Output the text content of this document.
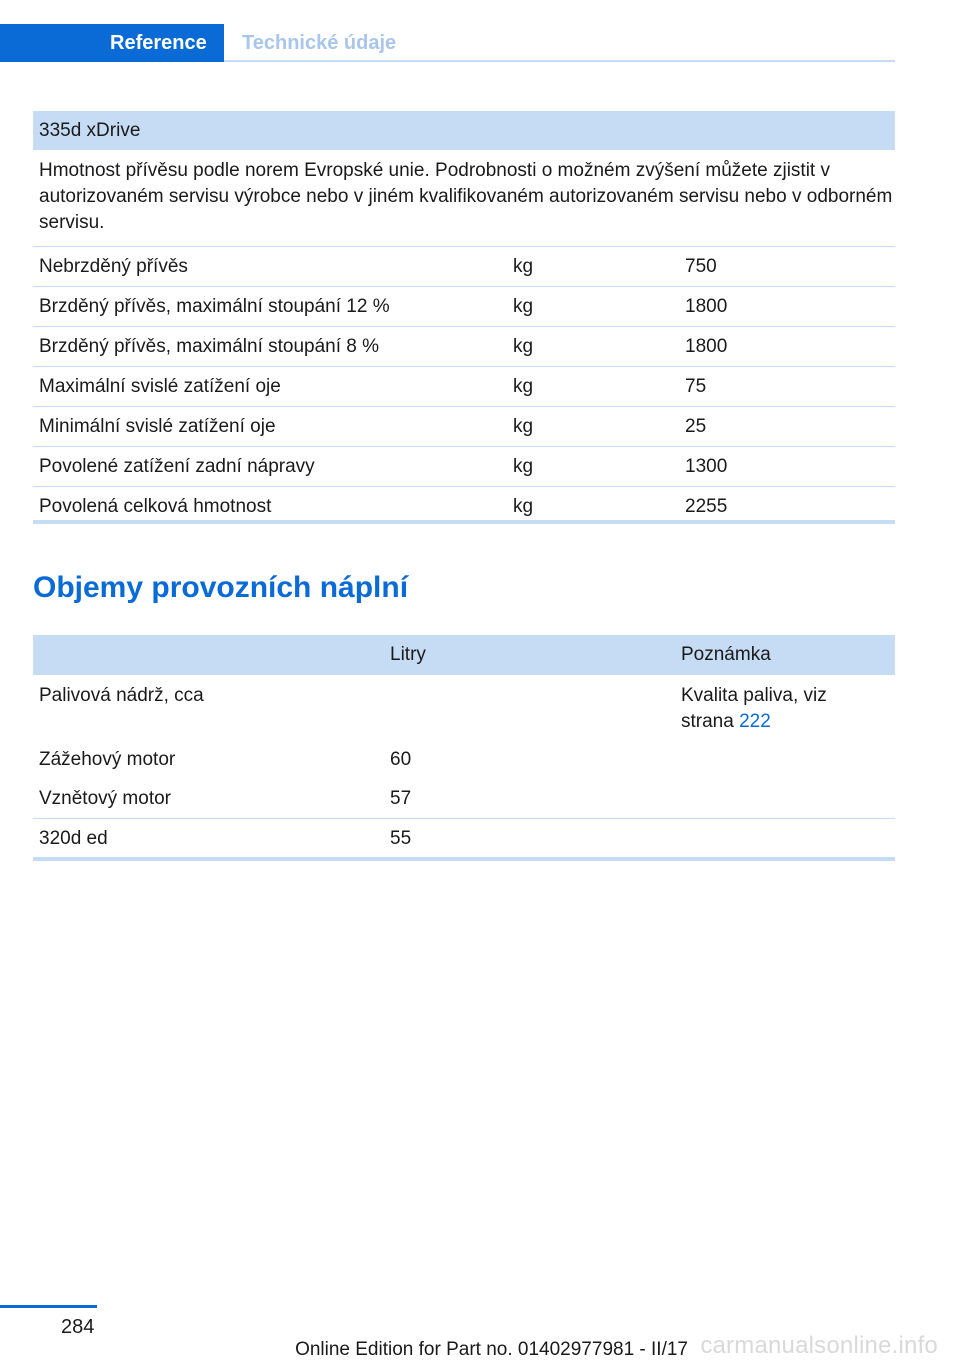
Reference	Technické údaje
335d xDrive		
Hmotnost přívěsu podle norem Evropské unie. Podrobnosti o možném zvýšení můžete zjistit v autorizovaném servisu výrobce nebo v jiném kvalifikovaném autorizovaném servisu nebo v odborném servisu.		
Nebrzděný přívěs	kg	750
Brzděný přívěs, maximální stoupání 12 %	kg	1800
Brzděný přívěs, maximální stoupání 8 %	kg	1800
Maximální svislé zatížení oje	kg	75
Minimální svislé zatížení oje	kg	25
Povolené zatížení zadní nápravy	kg	1300
Povolená celková hmotnost	kg	2255
Objemy provozních náplní
	Litry	Poznámka
Palivová nádrž, cca		Kvalita paliva, viz
strana 222
Zážehový motor	60	
Vznětový motor	57	
320d ed	55	
284
Online Edition for Part no. 01402977981 - II/17 carmanualsonline.info
